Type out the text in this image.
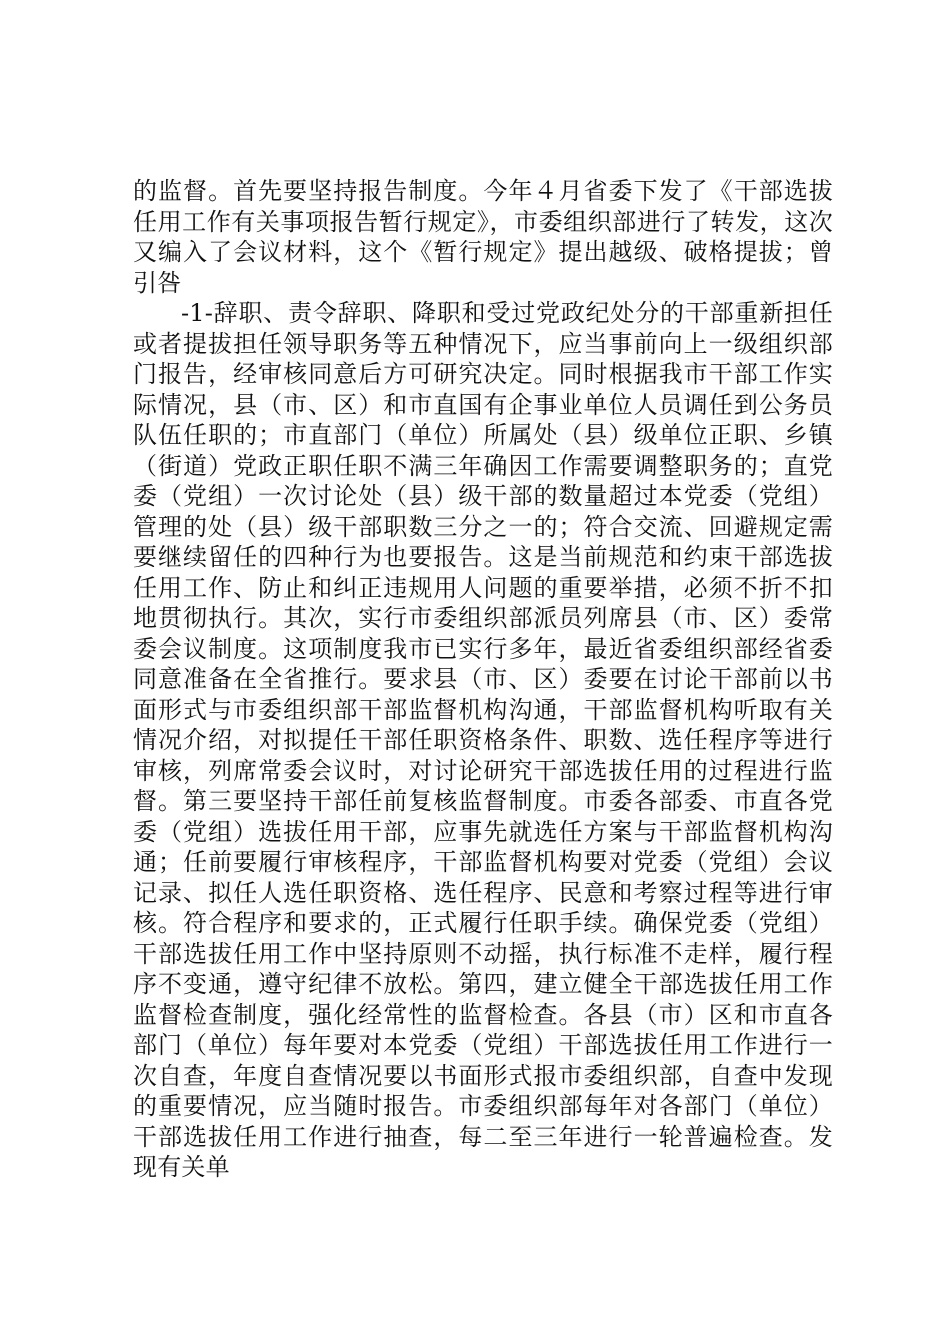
的监督。首先要坚持报告制度。今年４月省委下发了《干部选拔任用工作有关事项报告暂行规定》，市委组织部进行了转发，这次又编入了会议材料，这个《暂行规定》提出越级、破格提拔；曾引咎

-1-辞职、责令辞职、降职和受过党政纪处分的干部重新担任或者提拔担任领导职务等五种情况下，应当事前向上一级组织部门报告，经审核同意后方可研究决定。同时根据我市干部工作实际情况，县（市、区）和市直国有企事业单位人员调任到公务员队伍任职的；市直部门（单位）所属处（县）级单位正职、乡镇（街道）党政正职任职不满三年确因工作需要调整职务的；直党委（党组）一次讨论处（县）级干部的数量超过本党委（党组）管理的处（县）级干部职数三分之一的；符合交流、回避规定需要继续留任的四种行为也要报告。这是当前规范和约束干部选拔任用工作、防止和纠正违规用人问题的重要举措，必须不折不扣地贯彻执行。其次，实行市委组织部派员列席县（市、区）委常委会议制度。这项制度我市已实行多年，最近省委组织部经省委同意准备在全省推行。要求县（市、区）委要在讨论干部前以书面形式与市委组织部干部监督机构沟通，干部监督机构听取有关情况介绍，对拟提任干部任职资格条件、职数、选任程序等进行审核，列席常委会议时，对讨论研究干部选拔任用的过程进行监督。第三要坚持干部任前复核监督制度。市委各部委、市直各党委（党组）选拔任用干部，应事先就选任方案与干部监督机构沟通；任前要履行审核程序，干部监督机构要对党委（党组）会议记录、拟任人选任职资格、选任程序、民意和考察过程等进行审核。符合程序和要求的，正式履行任职手续。确保党委（党组）干部选拔任用工作中坚持原则不动摇，执行标准不走样，履行程序不变通，遵守纪律不放松。第四，建立健全干部选拔任用工作监督检查制度，强化经常性的监督检查。各县（市）区和市直各部门（单位）每年要对本党委（党组）干部选拔任用工作进行一次自查，年度自查情况要以书面形式报市委组织部，自查中发现的重要情况，应当随时报告。市委组织部每年对各部门（单位）干部选拔任用工作进行抽查，每二至三年进行一轮普遍检查。发现有关单
